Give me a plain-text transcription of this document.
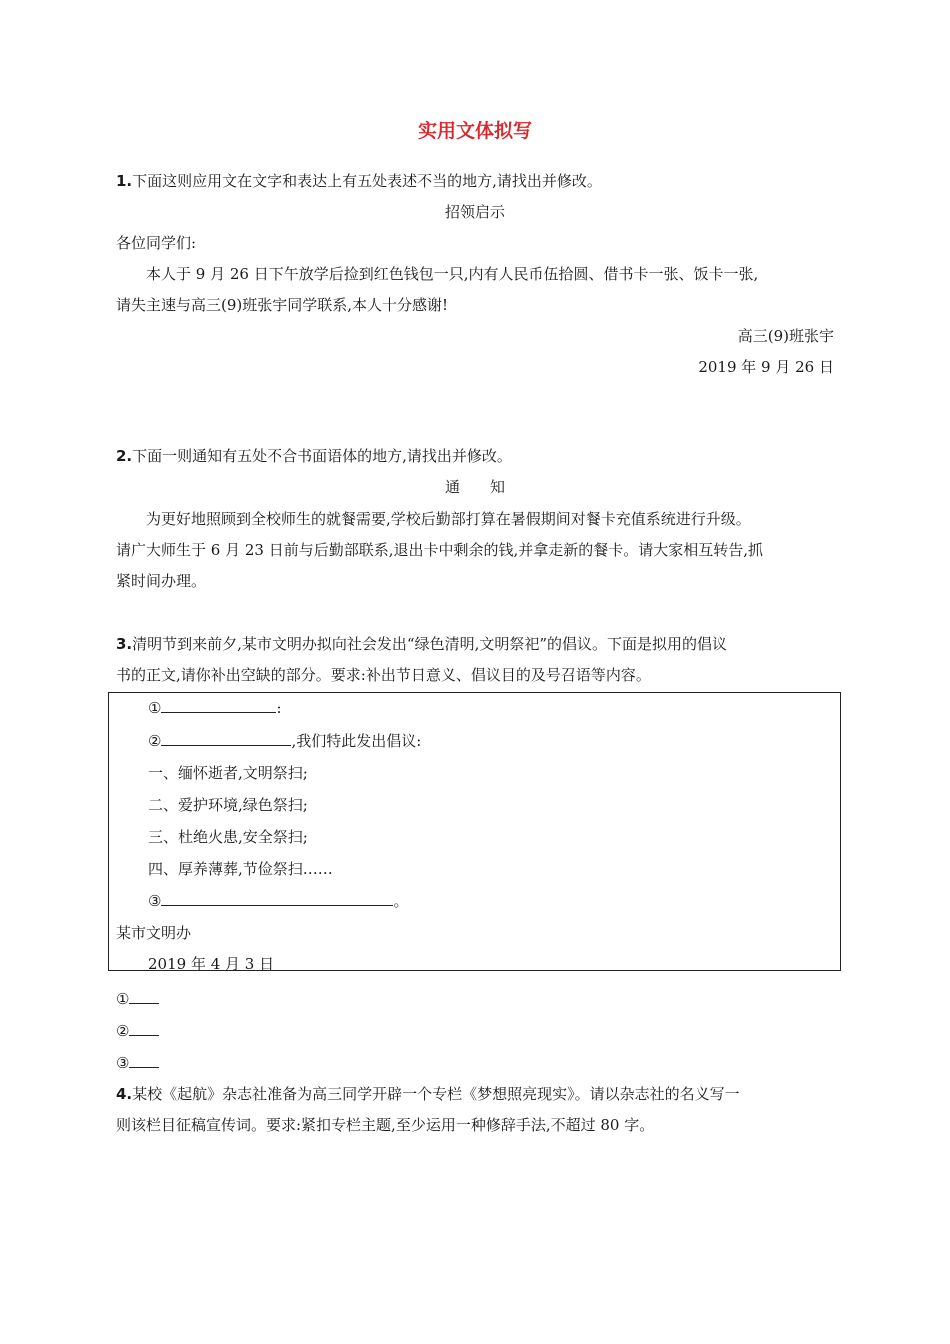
实用文体拟写
1.下面这则应用文在文字和表达上有五处表述不当的地方,请找出并修改。
招领启示
各位同学们:
本人于 9 月 26 日下午放学后捡到红色钱包一只,内有人民币伍拾圆、借书卡一张、饭卡一张,
请失主速与高三(9)班张宇同学联系,本人十分感谢!
高三(9)班张宇
2019 年 9 月 26 日
2.下面一则通知有五处不合书面语体的地方,请找出并修改。
通　　知
为更好地照顾到全校师生的就餐需要,学校后勤部打算在暑假期间对餐卡充值系统进行升级。
请广大师生于 6 月 23 日前与后勤部联系,退出卡中剩余的钱,并拿走新的餐卡。请大家相互转告,抓
紧时间办理。
3.清明节到来前夕,某市文明办拟向社会发出“绿色清明,文明祭祀”的倡议。下面是拟用的倡议
书的正文,请你补出空缺的部分。要求:补出节日意义、倡议目的及号召语等内容。
①	:
②	,我们特此发出倡议:
一、缅怀逝者,文明祭扫;
二、爱护环境,绿色祭扫;
三、杜绝火患,安全祭扫;
四、厚养薄葬,节俭祭扫……
③	。
某市文明办
2019 年 4 月 3 日
①
②
③
4.某校《起航》杂志社准备为高三同学开辟一个专栏《梦想照亮现实》。请以杂志社的名义写一
则该栏目征稿宣传词。要求:紧扣专栏主题,至少运用一种修辞手法,不超过 80 字。
